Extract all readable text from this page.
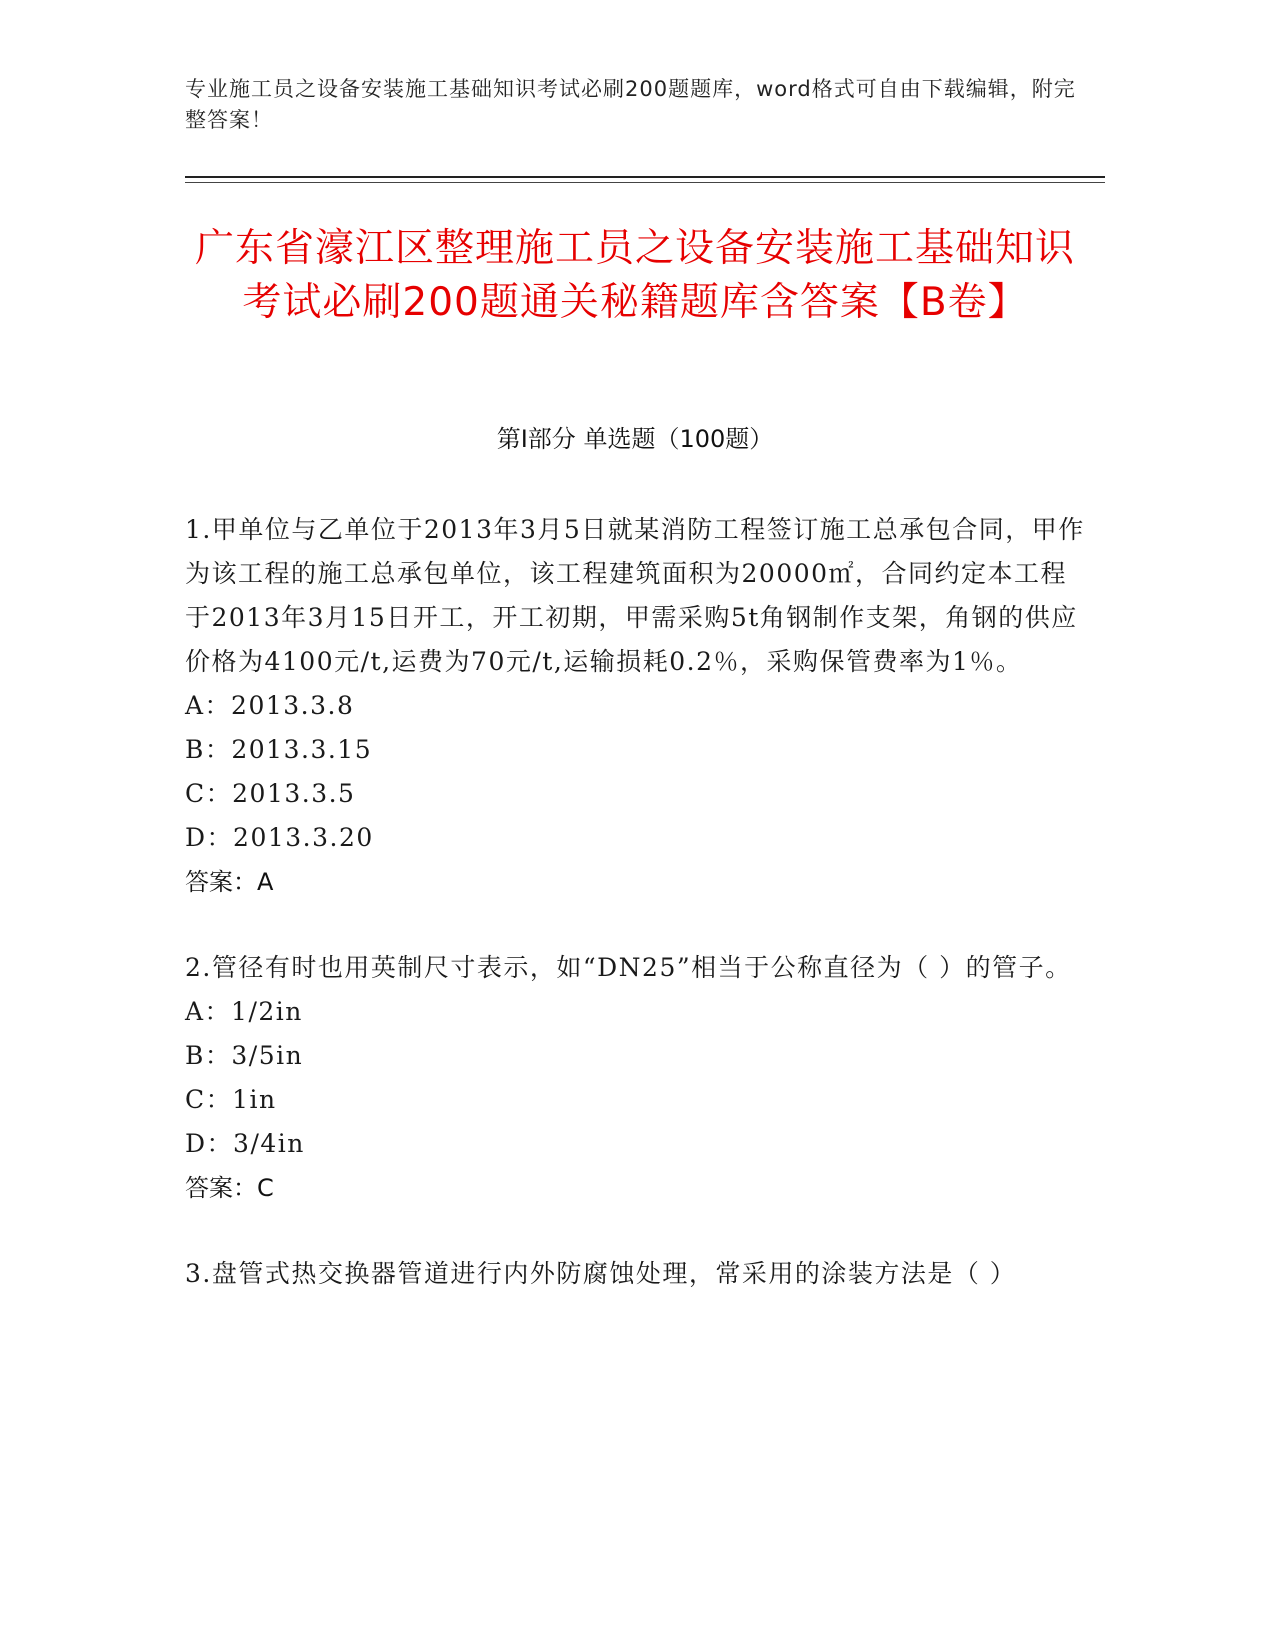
专业施工员之设备安装施工基础知识考试必刷200题题库，word格式可自由下载编辑，附完整答案！
广东省濠江区整理施工员之设备安装施工基础知识考试必刷200题通关秘籍题库含答案【B卷】
第Ⅰ部分 单选题（100题）

1.甲单位与乙单位于2013年3月5日就某消防工程签订施工总承包合同，甲作为该工程的施工总承包单位，该工程建筑面积为20000㎡，合同约定本工程于2013年3月15日开工，开工初期，甲需采购5t角钢制作支架，角钢的供应价格为4100元/t,运费为70元/t,运输损耗0.2％，采购保管费率为1％。

A：2013.3.8

B：2013.3.15

C：2013.3.5

D：2013.3.20

答案：A

2.管径有时也用英制尺寸表示，如“DN25”相当于公称直径为（ ）的管子。

A：1/2in

B：3/5in

C：1in

D：3/4in

答案：C

3.盘管式热交换器管道进行内外防腐蚀处理，常采用的涂装方法是（ ）
